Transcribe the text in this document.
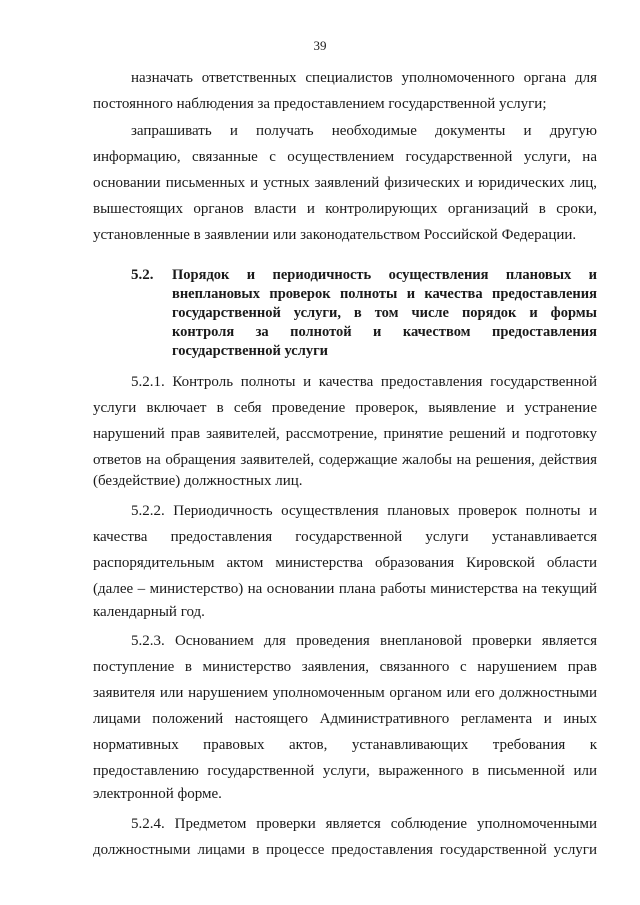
39
назначать ответственных специалистов уполномоченного органа для
постоянного наблюдения за предоставлением государственной услуги;
запрашивать и получать необходимые документы и другую
информацию, связанные с осуществлением государственной услуги, на
основании письменных и устных заявлений физических и юридических лиц,
вышестоящих органов власти и контролирующих организаций в сроки,
установленные в заявлении или законодательством Российской Федерации.
5.2. Порядок и периодичность осуществления плановых и
внеплановых проверок полноты и качества предоставления
государственной услуги, в том числе порядок и формы
контроля за полнотой и качеством предоставления
государственной услуги
5.2.1. Контроль полноты и качества предоставления государственной
услуги включает в себя проведение проверок, выявление и устранение
нарушений прав заявителей, рассмотрение, принятие решений и подготовку
ответов на обращения заявителей, содержащие жалобы на решения, действия
(бездействие) должностных лиц.
5.2.2. Периодичность осуществления плановых проверок полноты и
качества предоставления государственной услуги устанавливается
распорядительным актом министерства образования Кировской области
(далее – министерство) на основании плана работы министерства на текущий
календарный год.
5.2.3. Основанием для проведения внеплановой проверки является
поступление в министерство заявления, связанного с нарушением прав
заявителя или нарушением уполномоченным органом или его должностными
лицами положений настоящего Административного регламента и иных
нормативных правовых актов, устанавливающих требования к
предоставлению государственной услуги, выраженного в письменной или
электронной форме.
5.2.4. Предметом проверки является соблюдение уполномоченными
должностными лицами в процессе предоставления государственной услуги
